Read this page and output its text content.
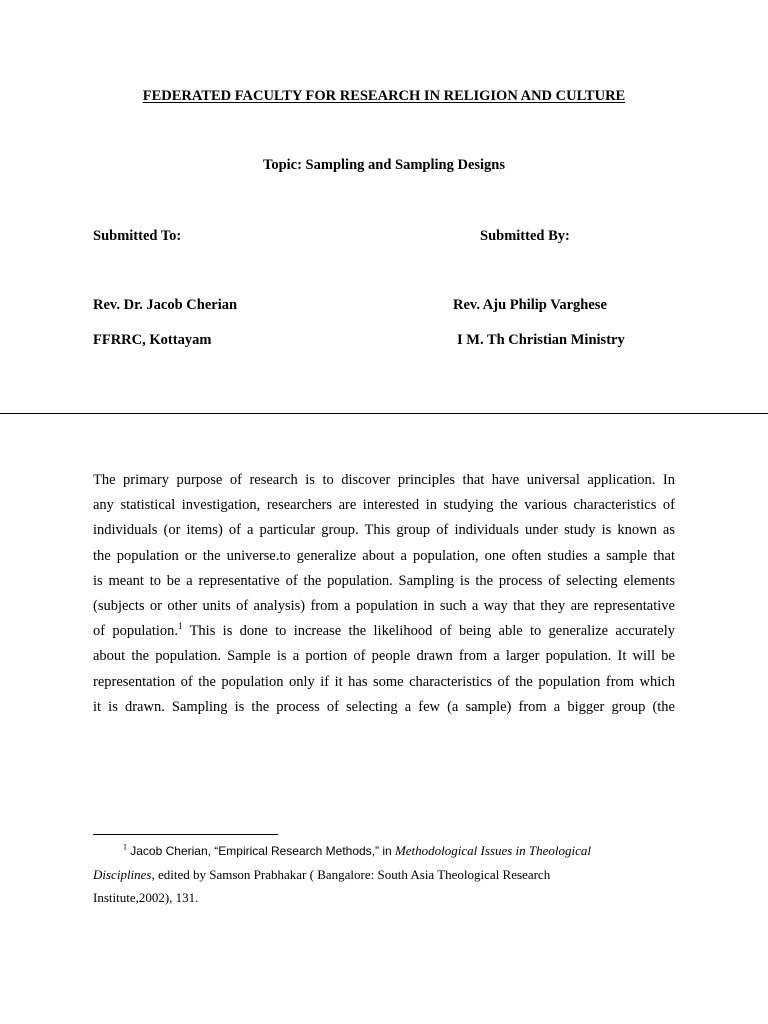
FEDERATED FACULTY FOR RESEARCH IN RELIGION AND CULTURE
Topic: Sampling and Sampling Designs
Submitted To:	Submitted By:
Rev. Dr. Jacob Cherian	Rev. Aju Philip Varghese
FFRRC, Kottayam	I M. Th Christian Ministry
The primary purpose of research is to discover principles that have universal application. In
any statistical investigation, researchers are interested in studying the various characteristics of
individuals (or items) of a particular group. This group of individuals under study is known as
the population or the universe.to generalize about a population, one often studies a sample that
is meant to be a representative of the population. Sampling is the process of selecting elements
(subjects or other units of analysis) from a population in such a way that they are representative
of population.$^1$ This is done to increase the likelihood of being able to generalize accurately
about the population. Sample is a portion of people drawn from a larger population. It will be
representation of the population only if it has some characteristics of the population from which
it is drawn. Sampling is the process of selecting a few (a sample) from a bigger group (the
$^1$ Jacob Cherian, “Empirical Research Methods,” in Methodological Issues in Theological
Disciplines, edited by Samson Prabhakar ( Bangalore: South Asia Theological Research
Institute,2002), 131.
